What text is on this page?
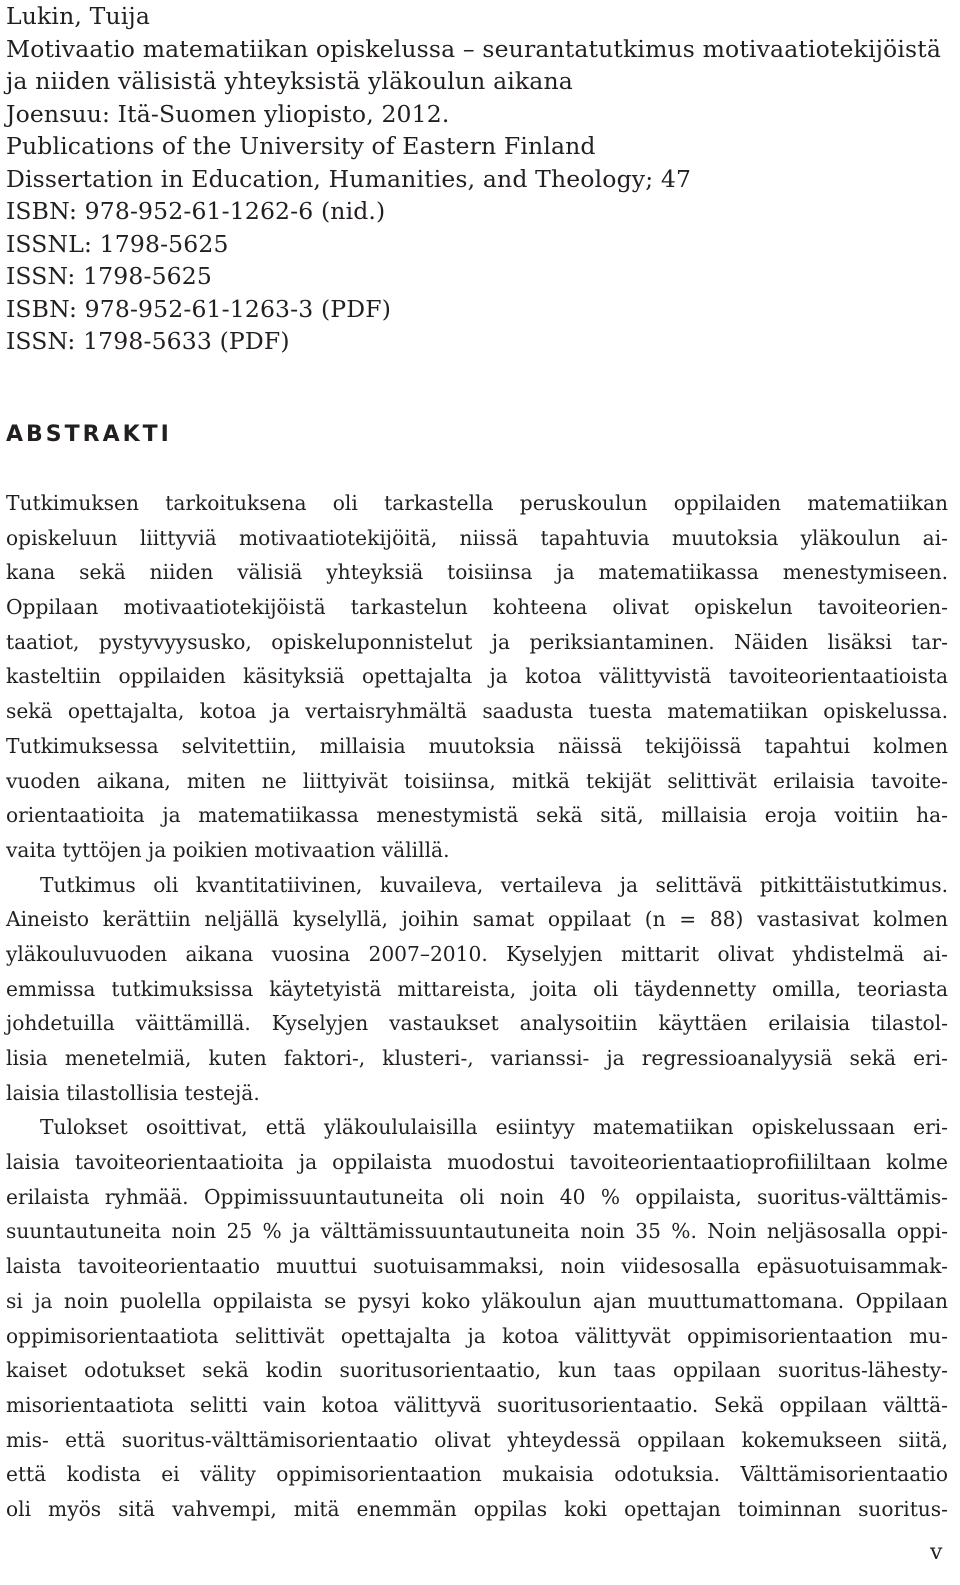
Lukin, Tuija
Motivaatio matematiikan opiskelussa – seurantatutkimus motivaatiotekijöistä
ja niiden välisistä yhteyksistä yläkoulun aikana
Joensuu: Itä-Suomen yliopisto, 2012.
Publications of the University of Eastern Finland
Dissertation in Education, Humanities, and Theology; 47
ISBN: 978-952-61-1262-6 (nid.)
ISSNL: 1798-5625
ISSN: 1798-5625
ISBN: 978-952-61-1263-3 (PDF)
ISSN: 1798-5633 (PDF)
ABSTRAKTI

Tutkimuksen tarkoituksena oli tarkastella peruskoulun oppilaiden matematiikan
opiskeluun liittyviä motivaatiotekijöitä, niissä tapahtuvia muutoksia yläkoulun ai-
kana sekä niiden välisiä yhteyksiä toisiinsa ja matematiikassa menestymiseen.
Oppilaan motivaatiotekijöistä tarkastelun kohteena olivat opiskelun tavoiteorien-
taatiot, pystyvyysusko, opiskeluponnistelut ja periksiantaminen. Näiden lisäksi tar-
kasteltiin oppilaiden käsityksiä opettajalta ja kotoa välittyvistä tavoiteorientaatioista
sekä opettajalta, kotoa ja vertaisryhmältä saadusta tuesta matematiikan opiskelussa.
Tutkimuksessa selvitettiin, millaisia muutoksia näissä tekijöissä tapahtui kolmen
vuoden aikana, miten ne liittyivät toisiinsa, mitkä tekijät selittivät erilaisia tavoite-
orientaatioita ja matematiikassa menestymistä sekä sitä, millaisia eroja voitiin ha-
vaita tyttöjen ja poikien motivaation välillä.

Tutkimus oli kvantitatiivinen, kuvaileva, vertaileva ja selittävä pitkittäistutkimus.
Aineisto kerättiin neljällä kyselyllä, joihin samat oppilaat (n = 88) vastasivat kolmen
yläkouluvuoden aikana vuosina 2007–2010. Kyselyjen mittarit olivat yhdistelmä ai-
emmissa tutkimuksissa käytetyistä mittareista, joita oli täydennetty omilla, teoriasta
johdetuilla väittämillä. Kyselyjen vastaukset analysoitiin käyttäen erilaisia tilastol-
lisia menetelmiä, kuten faktori-, klusteri-, varianssi- ja regressioanalyysiä sekä eri-
laisia tilastollisia testejä.

Tulokset osoittivat, että yläkoululaisilla esiintyy matematiikan opiskelussaan eri-
laisia tavoiteorientaatioita ja oppilaista muodostui tavoiteorientaatioprofiililtaan kolme
erilaista ryhmää. Oppimissuuntautuneita oli noin 40 % oppilaista, suoritus-välttämis-
suuntautuneita noin 25 % ja välttämissuuntautuneita noin 35 %. Noin neljäsosalla oppi-
laista tavoiteorientaatio muuttui suotuisammaksi, noin viidesosalla epäsuotuisammak-
si ja noin puolella oppilaista se pysyi koko yläkoulun ajan muuttumattomana. Oppilaan
oppimisorientaatiota selittivät opettajalta ja kotoa välittyvät oppimisorientaation mu-
kaiset odotukset sekä kodin suoritusorientaatio, kun taas oppilaan suoritus-lähesty-
misorientaatiota selitti vain kotoa välittyvä suoritusorientaatio. Sekä oppilaan välttä-
mis- että suoritus-välttämisorientaatio olivat yhteydessä oppilaan kokemukseen siitä,
että kodista ei välity oppimisorientaation mukaisia odotuksia. Välttämisorientaatio
oli myös sitä vahvempi, mitä enemmän oppilas koki opettajan toiminnan suoritus-

v
